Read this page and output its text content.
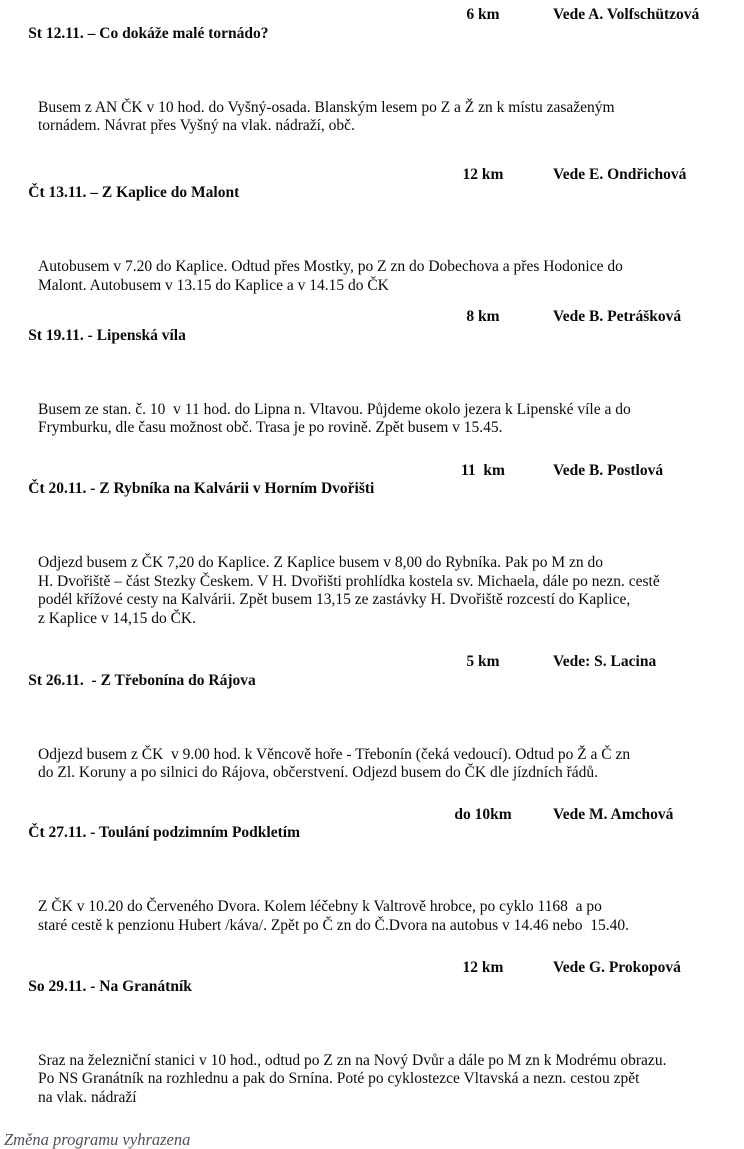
St 12.11. – Co dokáže malé tornádo?

6 km

	Vede A. Volfschützová

Busem z AN ČK v 10 hod. do Vyšný-osada. Blanským lesem po Z a Ž zn k místu zasaženým
tornádem. Návrat přes Vyšný na vlak. nádraží, obč.

Čt 13.11. – Z Kaplice do Malont

12 km

	Vede E. Ondřichová

Autobusem v 7.20 do Kaplice. Odtud přes Mostky, po Z zn do Dobechova a přes Hodonice do
Malont. Autobusem v 13.15 do Kaplice a v 14.15 do ČK

St 19.11. - Lipenská víla

8 km

	Vede B. Petrášková

Busem ze stan. č. 10  v 11 hod. do Lipna n. Vltavou. Půjdeme okolo jezera k Lipenské víle a do
Frymburku, dle času možnost obč. Trasa je po rovině. Zpět busem v 15.45.

Čt 20.11. - Z Rybníka na Kalvárii v Horním Dvořišti

11  km

	Vede B. Postlová

Odjezd busem z ČK 7,20 do Kaplice. Z Kaplice busem v 8,00 do Rybníka. Pak po M zn do
H. Dvořiště – část Stezky Českem. V H. Dvořišti prohlídka kostela sv. Michaela, dále po nezn. cestě
podél křížové cesty na Kalvárii. Zpět busem 13,15 ze zastávky H. Dvořiště rozcestí do Kaplice,
z Kaplice v 14,15 do ČK.

St 26.11.  - Z Třebonína do Rájova

5 km

	Vede: S. Lacina

Odjezd busem z ČK  v 9.00 hod. k Věncově hoře - Třebonín (čeká vedoucí). Odtud po Ž a Č zn
do Zl. Koruny a po silnici do Rájova, občerstvení. Odjezd busem do ČK dle jízdních řádů.

Čt 27.11. - Toulání podzimním Podkletím

do 10km

	Vede M. Amchová

Z ČK v 10.20 do Červeného Dvora. Kolem léčebny k Valtrově hrobce, po cyklo 1168  a po
staré cestě k penzionu Hubert /káva/. Zpět po Č zn do Č.Dvora na autobus v 14.46 nebo  15.40.

So 29.11. - Na Granátník

12 km

	Vede G. Prokopová

Sraz na železniční stanici v 10 hod., odtud po Z zn na Nový Dvůr a dále po M zn k Modrému obrazu.
Po NS Granátník na rozhlednu a pak do Srnína. Poté po cyklostezce Vltavská a nezn. cestou zpět
na vlak. nádraží
Změna programu vyhrazena
